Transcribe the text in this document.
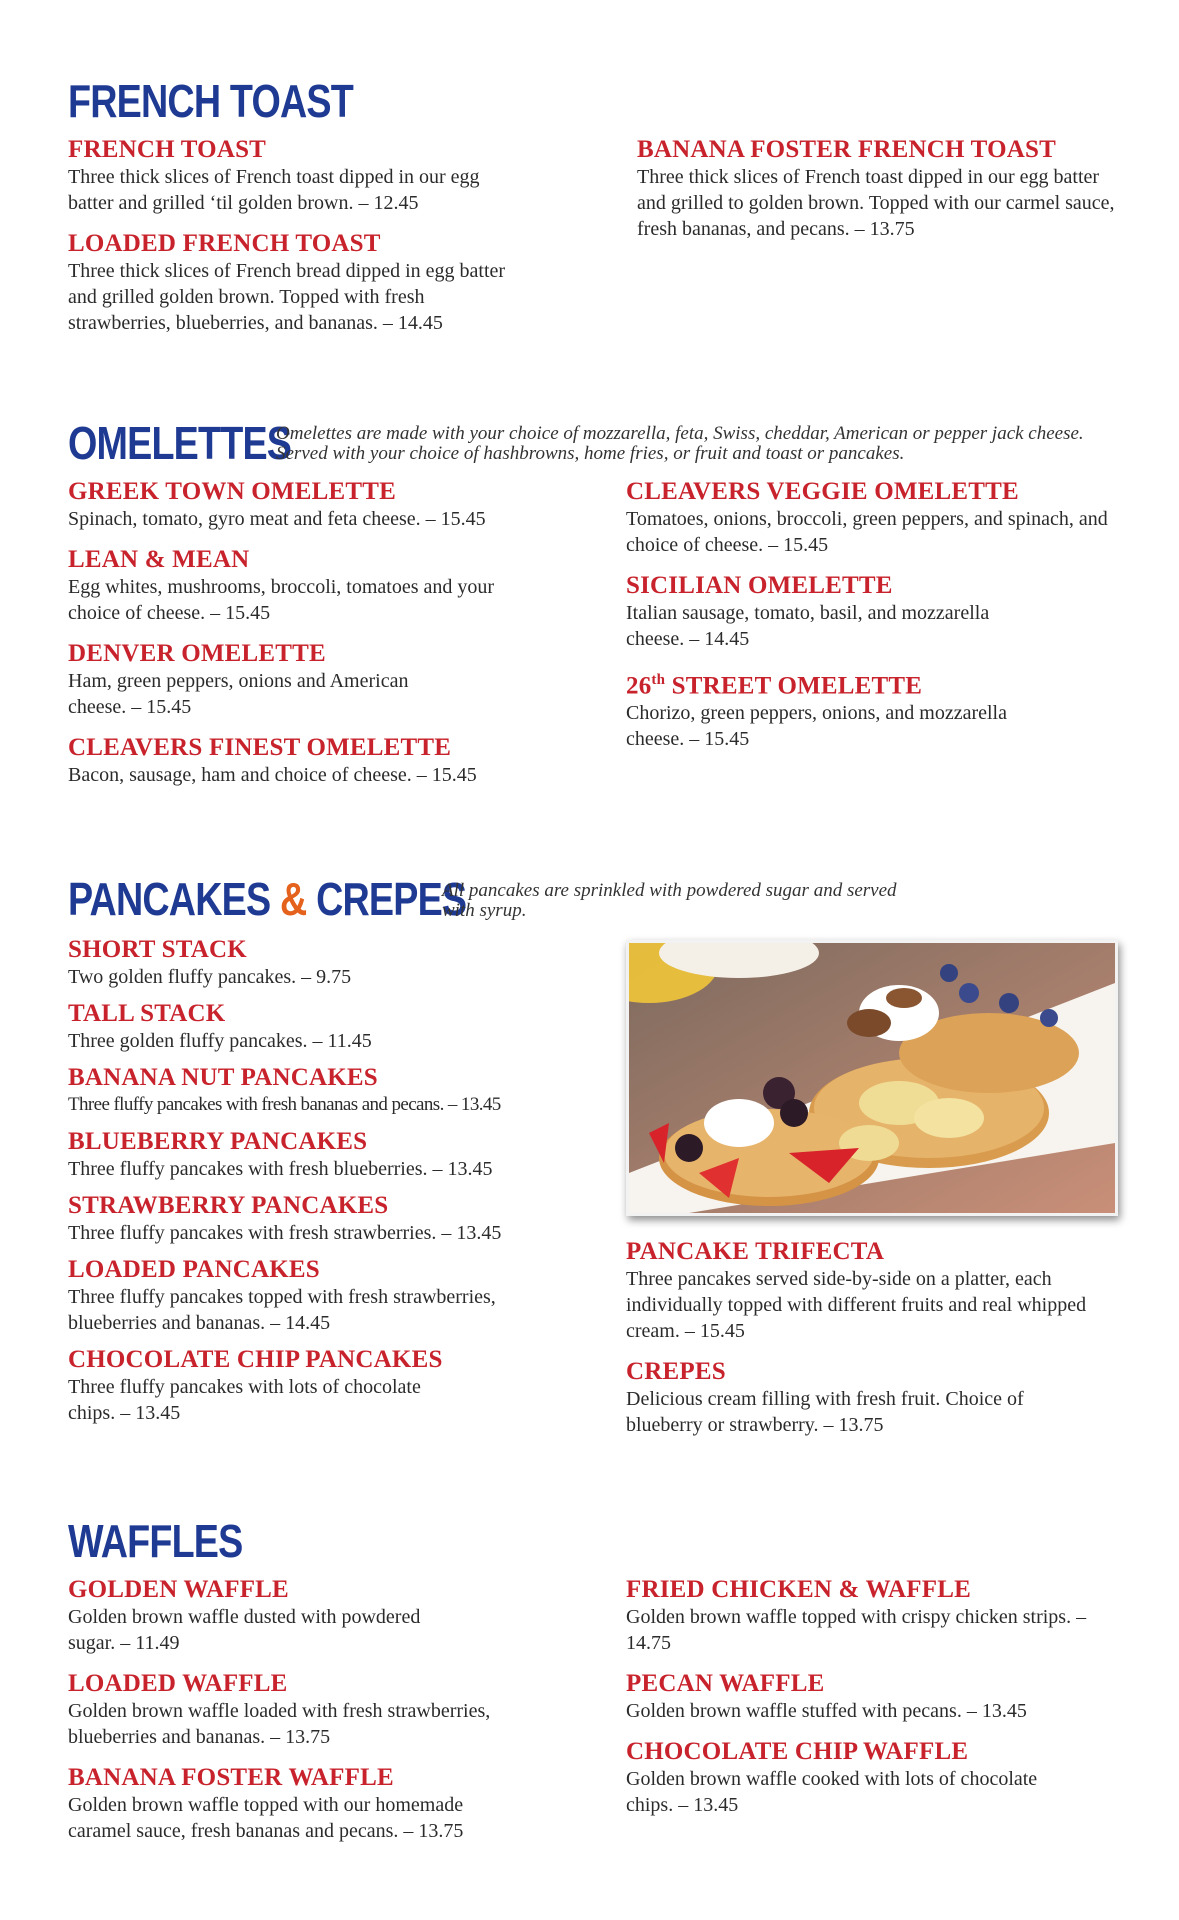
FRENCH TOAST
FRENCH TOAST
Three thick slices of French toast dipped in our egg batter and grilled ‘til golden brown. – 12.45
LOADED FRENCH TOAST
Three thick slices of French bread dipped in egg batter and grilled golden brown. Topped with fresh strawberries, blueberries, and bananas. – 14.45
BANANA FOSTER FRENCH TOAST
Three thick slices of French toast dipped in our egg batter and grilled to golden brown. Topped with our carmel sauce, fresh bananas, and pecans. – 13.75
OMELETTES
Omelettes are made with your choice of mozzarella, feta, Swiss, cheddar, American or pepper jack cheese. Served with your choice of hashbrowns, home fries, or fruit and toast or pancakes.
GREEK TOWN OMELETTE
Spinach, tomato, gyro meat and feta cheese. – 15.45
LEAN & MEAN
Egg whites, mushrooms, broccoli, tomatoes and your choice of cheese. – 15.45
DENVER OMELETTE
Ham, green peppers, onions and American cheese. – 15.45
CLEAVERS FINEST OMELETTE
Bacon, sausage, ham and choice of cheese. – 15.45
CLEAVERS VEGGIE OMELETTE
Tomatoes, onions, broccoli, green peppers, and spinach, and choice of cheese. – 15.45
SICILIAN OMELETTE
Italian sausage, tomato, basil, and mozzarella cheese. – 14.45
26th STREET OMELETTE
Chorizo, green peppers, onions, and mozzarella cheese. – 15.45
PANCAKES & CREPES
All pancakes are sprinkled with powdered sugar and served with syrup.
SHORT STACK
Two golden fluffy pancakes. – 9.75
TALL STACK
Three golden fluffy pancakes. – 11.45
BANANA NUT PANCAKES
Three fluffy pancakes with fresh bananas and pecans. – 13.45
BLUEBERRY PANCAKES
Three fluffy pancakes with fresh blueberries. – 13.45
STRAWBERRY PANCAKES
Three fluffy pancakes with fresh strawberries. – 13.45
LOADED PANCAKES
Three fluffy pancakes topped with fresh strawberries, blueberries and bananas. – 14.45
CHOCOLATE CHIP PANCAKES
Three fluffy pancakes with lots of chocolate chips. – 13.45
PANCAKE TRIFECTA
Three pancakes served side-by-side on a platter, each individually topped with different fruits and real whipped cream. – 15.45
CREPES
Delicious cream filling with fresh fruit. Choice of blueberry or strawberry. – 13.75
WAFFLES
GOLDEN WAFFLE
Golden brown waffle dusted with powdered sugar. – 11.49
LOADED WAFFLE
Golden brown waffle loaded with fresh strawberries, blueberries and bananas. – 13.75
BANANA FOSTER WAFFLE
Golden brown waffle topped with our homemade caramel sauce, fresh bananas and pecans. – 13.75
FRIED CHICKEN & WAFFLE
Golden brown waffle topped with crispy chicken strips. – 14.75
PECAN WAFFLE
Golden brown waffle stuffed with pecans. – 13.45
CHOCOLATE CHIP WAFFLE
Golden brown waffle cooked with lots of chocolate chips. – 13.45
